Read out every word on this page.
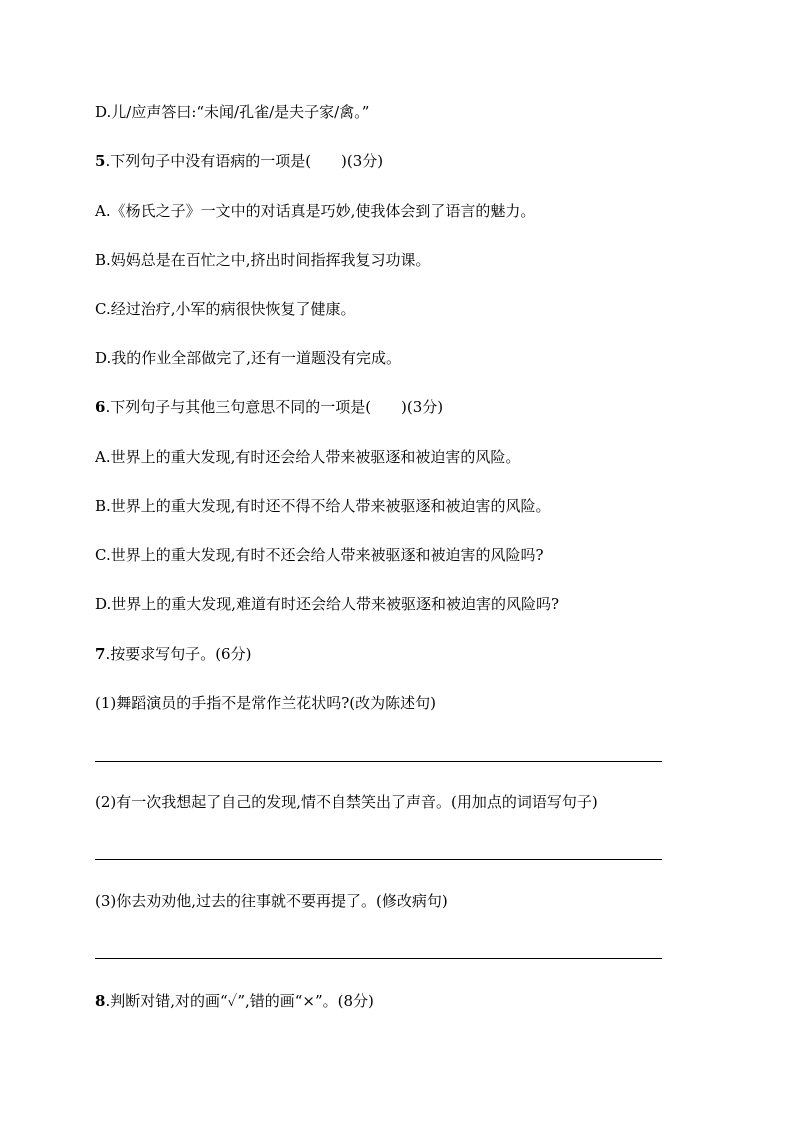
D.儿/应声答曰:“未闻/孔雀/是夫子家/禽。”

5.下列句子中没有语病的一项是(　　)(3分)

A.《杨氏之子》一文中的对话真是巧妙,使我体会到了语言的魅力。

B.妈妈总是在百忙之中,挤出时间指挥我复习功课。

C.经过治疗,小军的病很快恢复了健康。

D.我的作业全部做完了,还有一道题没有完成。

6.下列句子与其他三句意思不同的一项是(　　)(3分)

A.世界上的重大发现,有时还会给人带来被驱逐和被迫害的风险。

B.世界上的重大发现,有时还不得不给人带来被驱逐和被迫害的风险。

C.世界上的重大发现,有时不还会给人带来被驱逐和被迫害的风险吗?

D.世界上的重大发现,难道有时还会给人带来被驱逐和被迫害的风险吗?

7.按要求写句子。(6分)

(1)舞蹈演员的手指不是常作兰花状吗?(改为陈述句)

(2)有一次我想起了自己的发现,情不自禁笑出了声音。(用加点的词语写句子)

(3)你去劝劝他,过去的往事就不要再提了。(修改病句)

8.判断对错,对的画“✓”,错的画“×”。(8分)
